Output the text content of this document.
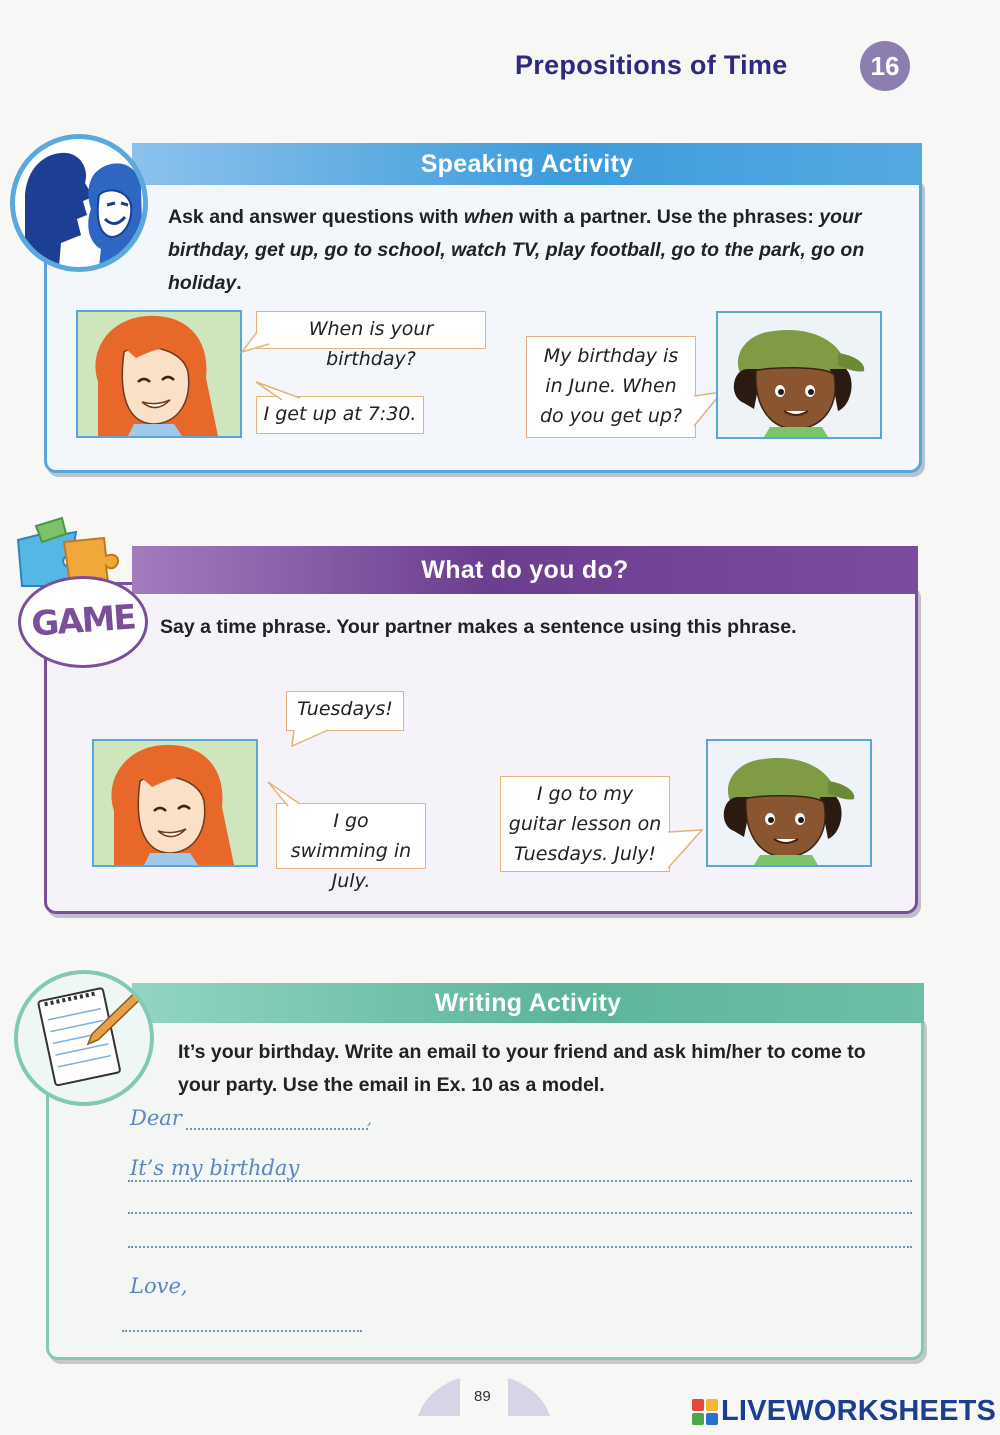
Prepositions of Time	16
Speaking Activity
Ask and answer questions with when with a partner. Use the phrases: your birthday, get up, go to school, watch TV, play football, go to the park, go on holiday.
When is your birthday?
I get up at 7:30.
My birthday is in June. When do you get up?
What do you do?
GAME	Say a time phrase. Your partner makes a sentence using this phrase.
Tuesdays!
I go swimming in July.
I go to my guitar lesson on Tuesdays. July!
Writing Activity
It’s your birthday. Write an email to your friend and ask him/her to come to your party. Use the email in Ex. 10 as a model.
Dear	,
It’s my birthday
Love,
89	LIVEWORKSHEETS
